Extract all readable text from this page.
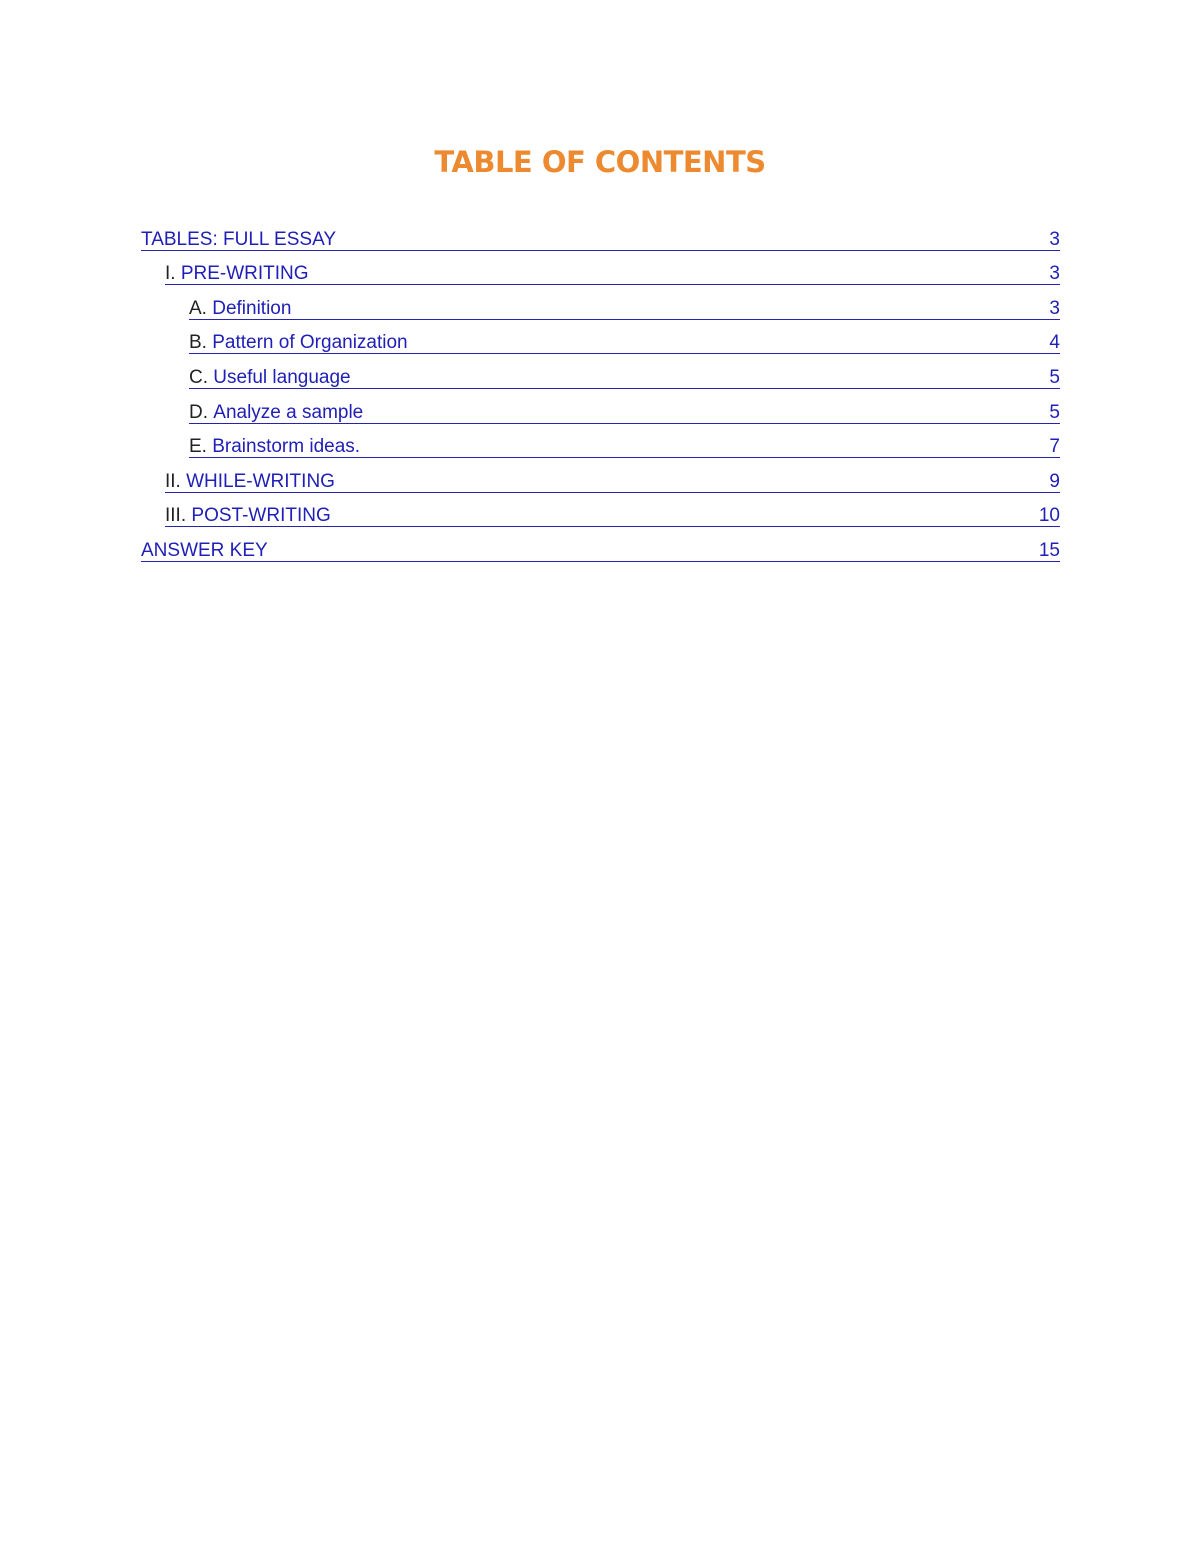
TABLE OF CONTENTS
TABLES: FULL ESSAY	3
I. PRE-WRITING	3
A. Definition	3
B. Pattern of Organization	4
C. Useful language	5
D. Analyze a sample	5
E. Brainstorm ideas.	7
II. WHILE-WRITING	9
III. POST-WRITING	10
ANSWER KEY	15
